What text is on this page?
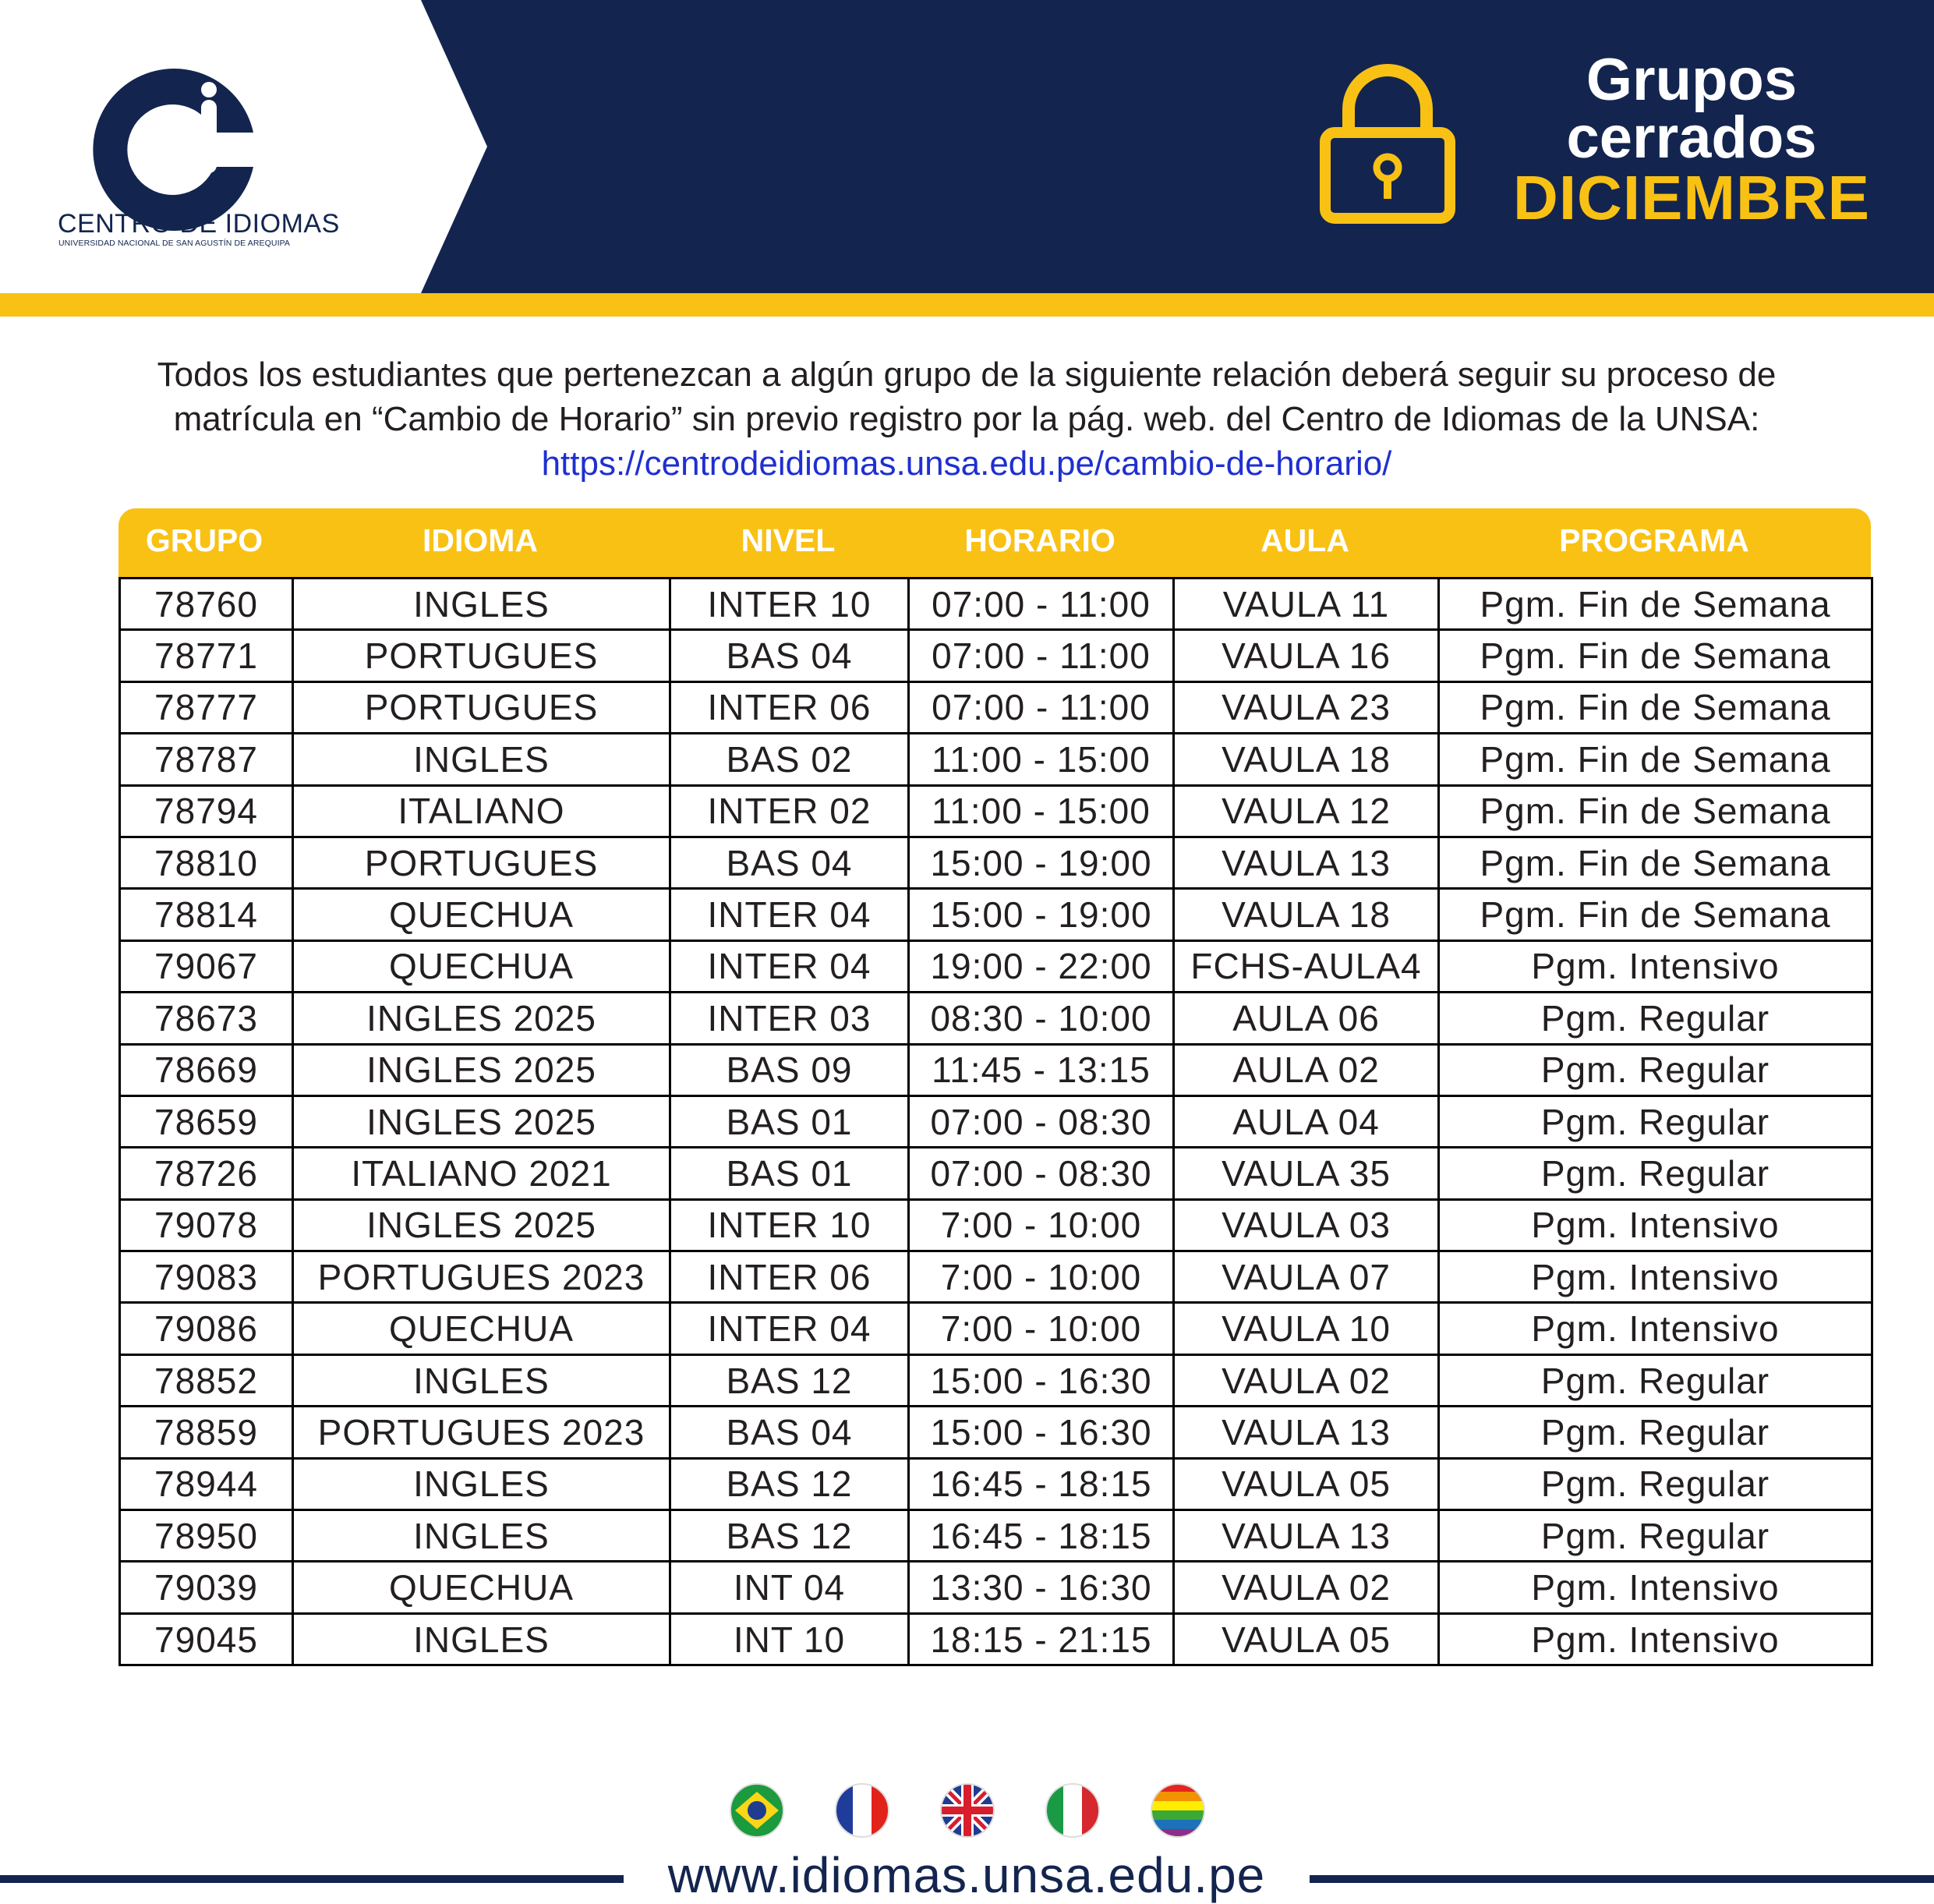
CENTRO DE IDIOMAS
UNIVERSIDAD NACIONAL DE SAN AGUSTÍN DE AREQUIPA
Grupos
cerrados
DICIEMBRE
Todos los estudiantes que pertenezcan a algún grupo de la siguiente relación deberá seguir su proceso de matrícula en “Cambio de Horario” sin previo registro por la pág. web. del Centro de Idiomas de la UNSA: https://centrodeidiomas.unsa.edu.pe/cambio-de-horario/
GRUPO	IDIOMA	NIVEL	HORARIO	AULA	PROGRAMA
78760	INGLES	INTER 10	07:00 - 11:00	VAULA 11	Pgm. Fin de Semana
78771	PORTUGUES	BAS 04	07:00 - 11:00	VAULA 16	Pgm. Fin de Semana
78777	PORTUGUES	INTER 06	07:00 - 11:00	VAULA 23	Pgm. Fin de Semana
78787	INGLES	BAS 02	11:00 - 15:00	VAULA 18	Pgm. Fin de Semana
78794	ITALIANO	INTER 02	11:00 - 15:00	VAULA 12	Pgm. Fin de Semana
78810	PORTUGUES	BAS 04	15:00 - 19:00	VAULA 13	Pgm. Fin de Semana
78814	QUECHUA	INTER 04	15:00 - 19:00	VAULA 18	Pgm. Fin de Semana
79067	QUECHUA	INTER 04	19:00 - 22:00	FCHS-AULA4	Pgm. Intensivo
78673	INGLES 2025	INTER 03	08:30 - 10:00	AULA 06	Pgm. Regular
78669	INGLES 2025	BAS 09	11:45 - 13:15	AULA 02	Pgm. Regular
78659	INGLES 2025	BAS 01	07:00 - 08:30	AULA 04	Pgm. Regular
78726	ITALIANO 2021	BAS 01	07:00 - 08:30	VAULA 35	Pgm. Regular
79078	INGLES 2025	INTER 10	7:00 - 10:00	VAULA 03	Pgm. Intensivo
79083	PORTUGUES 2023	INTER 06	7:00 - 10:00	VAULA 07	Pgm. Intensivo
79086	QUECHUA	INTER 04	7:00 - 10:00	VAULA 10	Pgm. Intensivo
78852	INGLES	BAS 12	15:00 - 16:30	VAULA 02	Pgm. Regular
78859	PORTUGUES 2023	BAS 04	15:00 - 16:30	VAULA 13	Pgm. Regular
78944	INGLES	BAS 12	16:45 - 18:15	VAULA 05	Pgm. Regular
78950	INGLES	BAS 12	16:45 - 18:15	VAULA 13	Pgm. Regular
79039	QUECHUA	INT 04	13:30 - 16:30	VAULA 02	Pgm. Intensivo
79045	INGLES	INT 10	18:15 - 21:15	VAULA 05	Pgm. Intensivo
www.idiomas.unsa.edu.pe
